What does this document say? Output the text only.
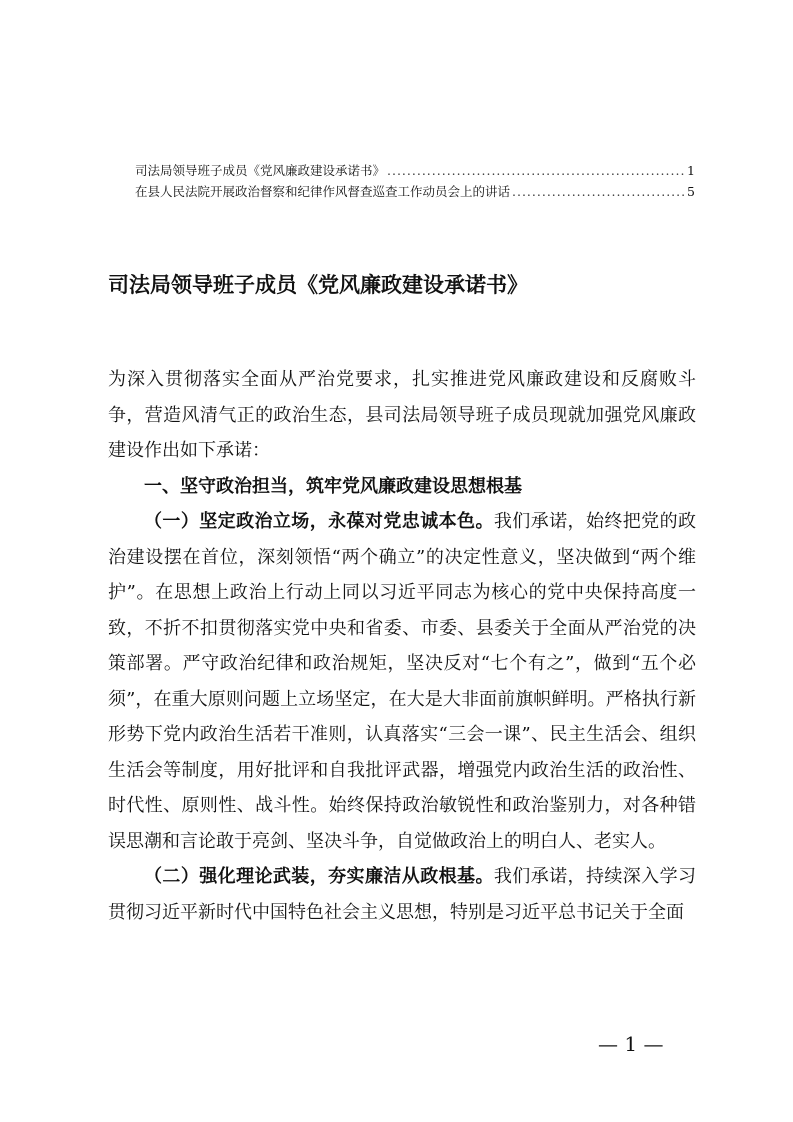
司法局领导班子成员《党风廉政建设承诺书》 .....	1
在县人民法院开展政治督察和纪律作风督查巡查工作动员会上的讲话 .....	5
司法局领导班子成员《党风廉政建设承诺书》

为深入贯彻落实全面从严治党要求，扎实推进党风廉政建设和反腐败斗争，营造风清气正的政治生态，县司法局领导班子成员现就加强党风廉政建设作出如下承诺：

一、坚守政治担当，筑牢党风廉政建设思想根基

（一）坚定政治立场，永葆对党忠诚本色。我们承诺，始终把党的政治建设摆在首位，深刻领悟“两个确立”的决定性意义，坚决做到“两个维护”。在思想上政治上行动上同以习近平同志为核心的党中央保持高度一致，不折不扣贯彻落实党中央和省委、市委、县委关于全面从严治党的决策部署。严守政治纪律和政治规矩，坚决反对“七个有之”，做到“五个必须”，在重大原则问题上立场坚定，在大是大非面前旗帜鲜明。严格执行新形势下党内政治生活若干准则，认真落实“三会一课”、民主生活会、组织生活会等制度，用好批评和自我批评武器，增强党内政治生活的政治性、时代性、原则性、战斗性。始终保持政治敏锐性和政治鉴别力，对各种错误思潮和言论敢于亮剑、坚决斗争，自觉做政治上的明白人、老实人。

（二）强化理论武装，夯实廉洁从政根基。我们承诺，持续深入学习贯彻习近平新时代中国特色社会主义思想，特别是习近平总书记关于全面

— 1 —
